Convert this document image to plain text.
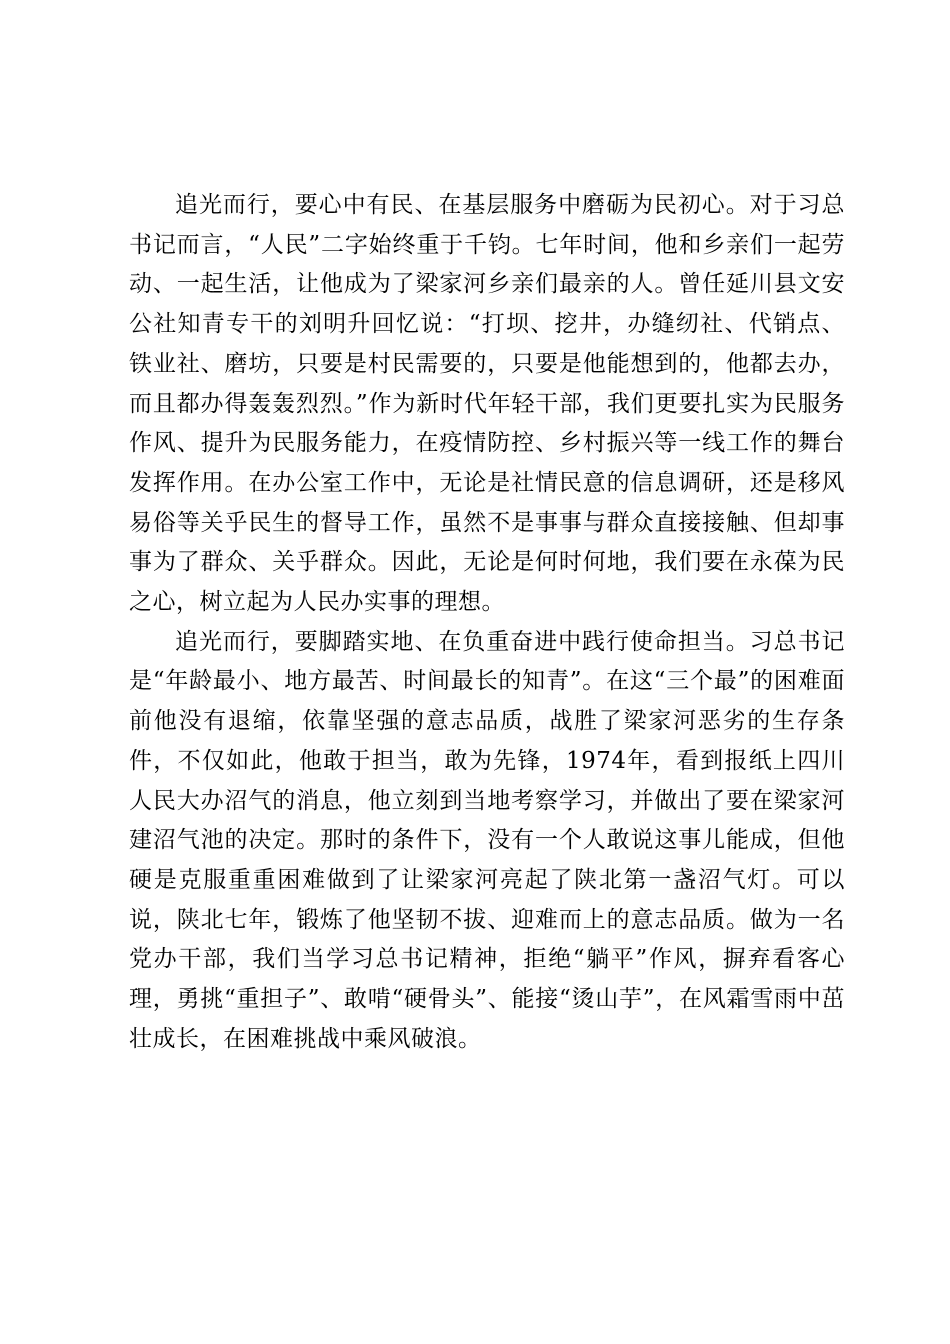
追光而行，要心中有民、在基层服务中磨砺为民初心。对于习总书记而言，“人民”二字始终重于千钧。七年时间，他和乡亲们一起劳动、一起生活，让他成为了梁家河乡亲们最亲的人。曾任延川县文安公社知青专干的刘明升回忆说：“打坝、挖井，办缝纫社、代销点、铁业社、磨坊，只要是村民需要的，只要是他能想到的，他都去办，而且都办得轰轰烈烈。”作为新时代年轻干部，我们更要扎实为民服务作风、提升为民服务能力，在疫情防控、乡村振兴等一线工作的舞台发挥作用。在办公室工作中，无论是社情民意的信息调研，还是移风易俗等关乎民生的督导工作，虽然不是事事与群众直接接触、但却事事为了群众、关乎群众。因此，无论是何时何地，我们要在永葆为民之心，树立起为人民办实事的理想。

追光而行，要脚踏实地、在负重奋进中践行使命担当。习总书记是“年龄最小、地方最苦、时间最长的知青”。在这“三个最”的困难面前他没有退缩，依靠坚强的意志品质，战胜了梁家河恶劣的生存条件，不仅如此，他敢于担当，敢为先锋，1974年，看到报纸上四川人民大办沼气的消息，他立刻到当地考察学习，并做出了要在梁家河建沼气池的决定。那时的条件下，没有一个人敢说这事儿能成，但他硬是克服重重困难做到了让梁家河亮起了陕北第一盏沼气灯。可以说，陕北七年，锻炼了他坚韧不拔、迎难而上的意志品质。做为一名党办干部，我们当学习总书记精神，拒绝“躺平”作风，摒弃看客心理，勇挑“重担子”、敢啃“硬骨头”、能接“烫山芋”，在风霜雪雨中茁壮成长，在困难挑战中乘风破浪。
